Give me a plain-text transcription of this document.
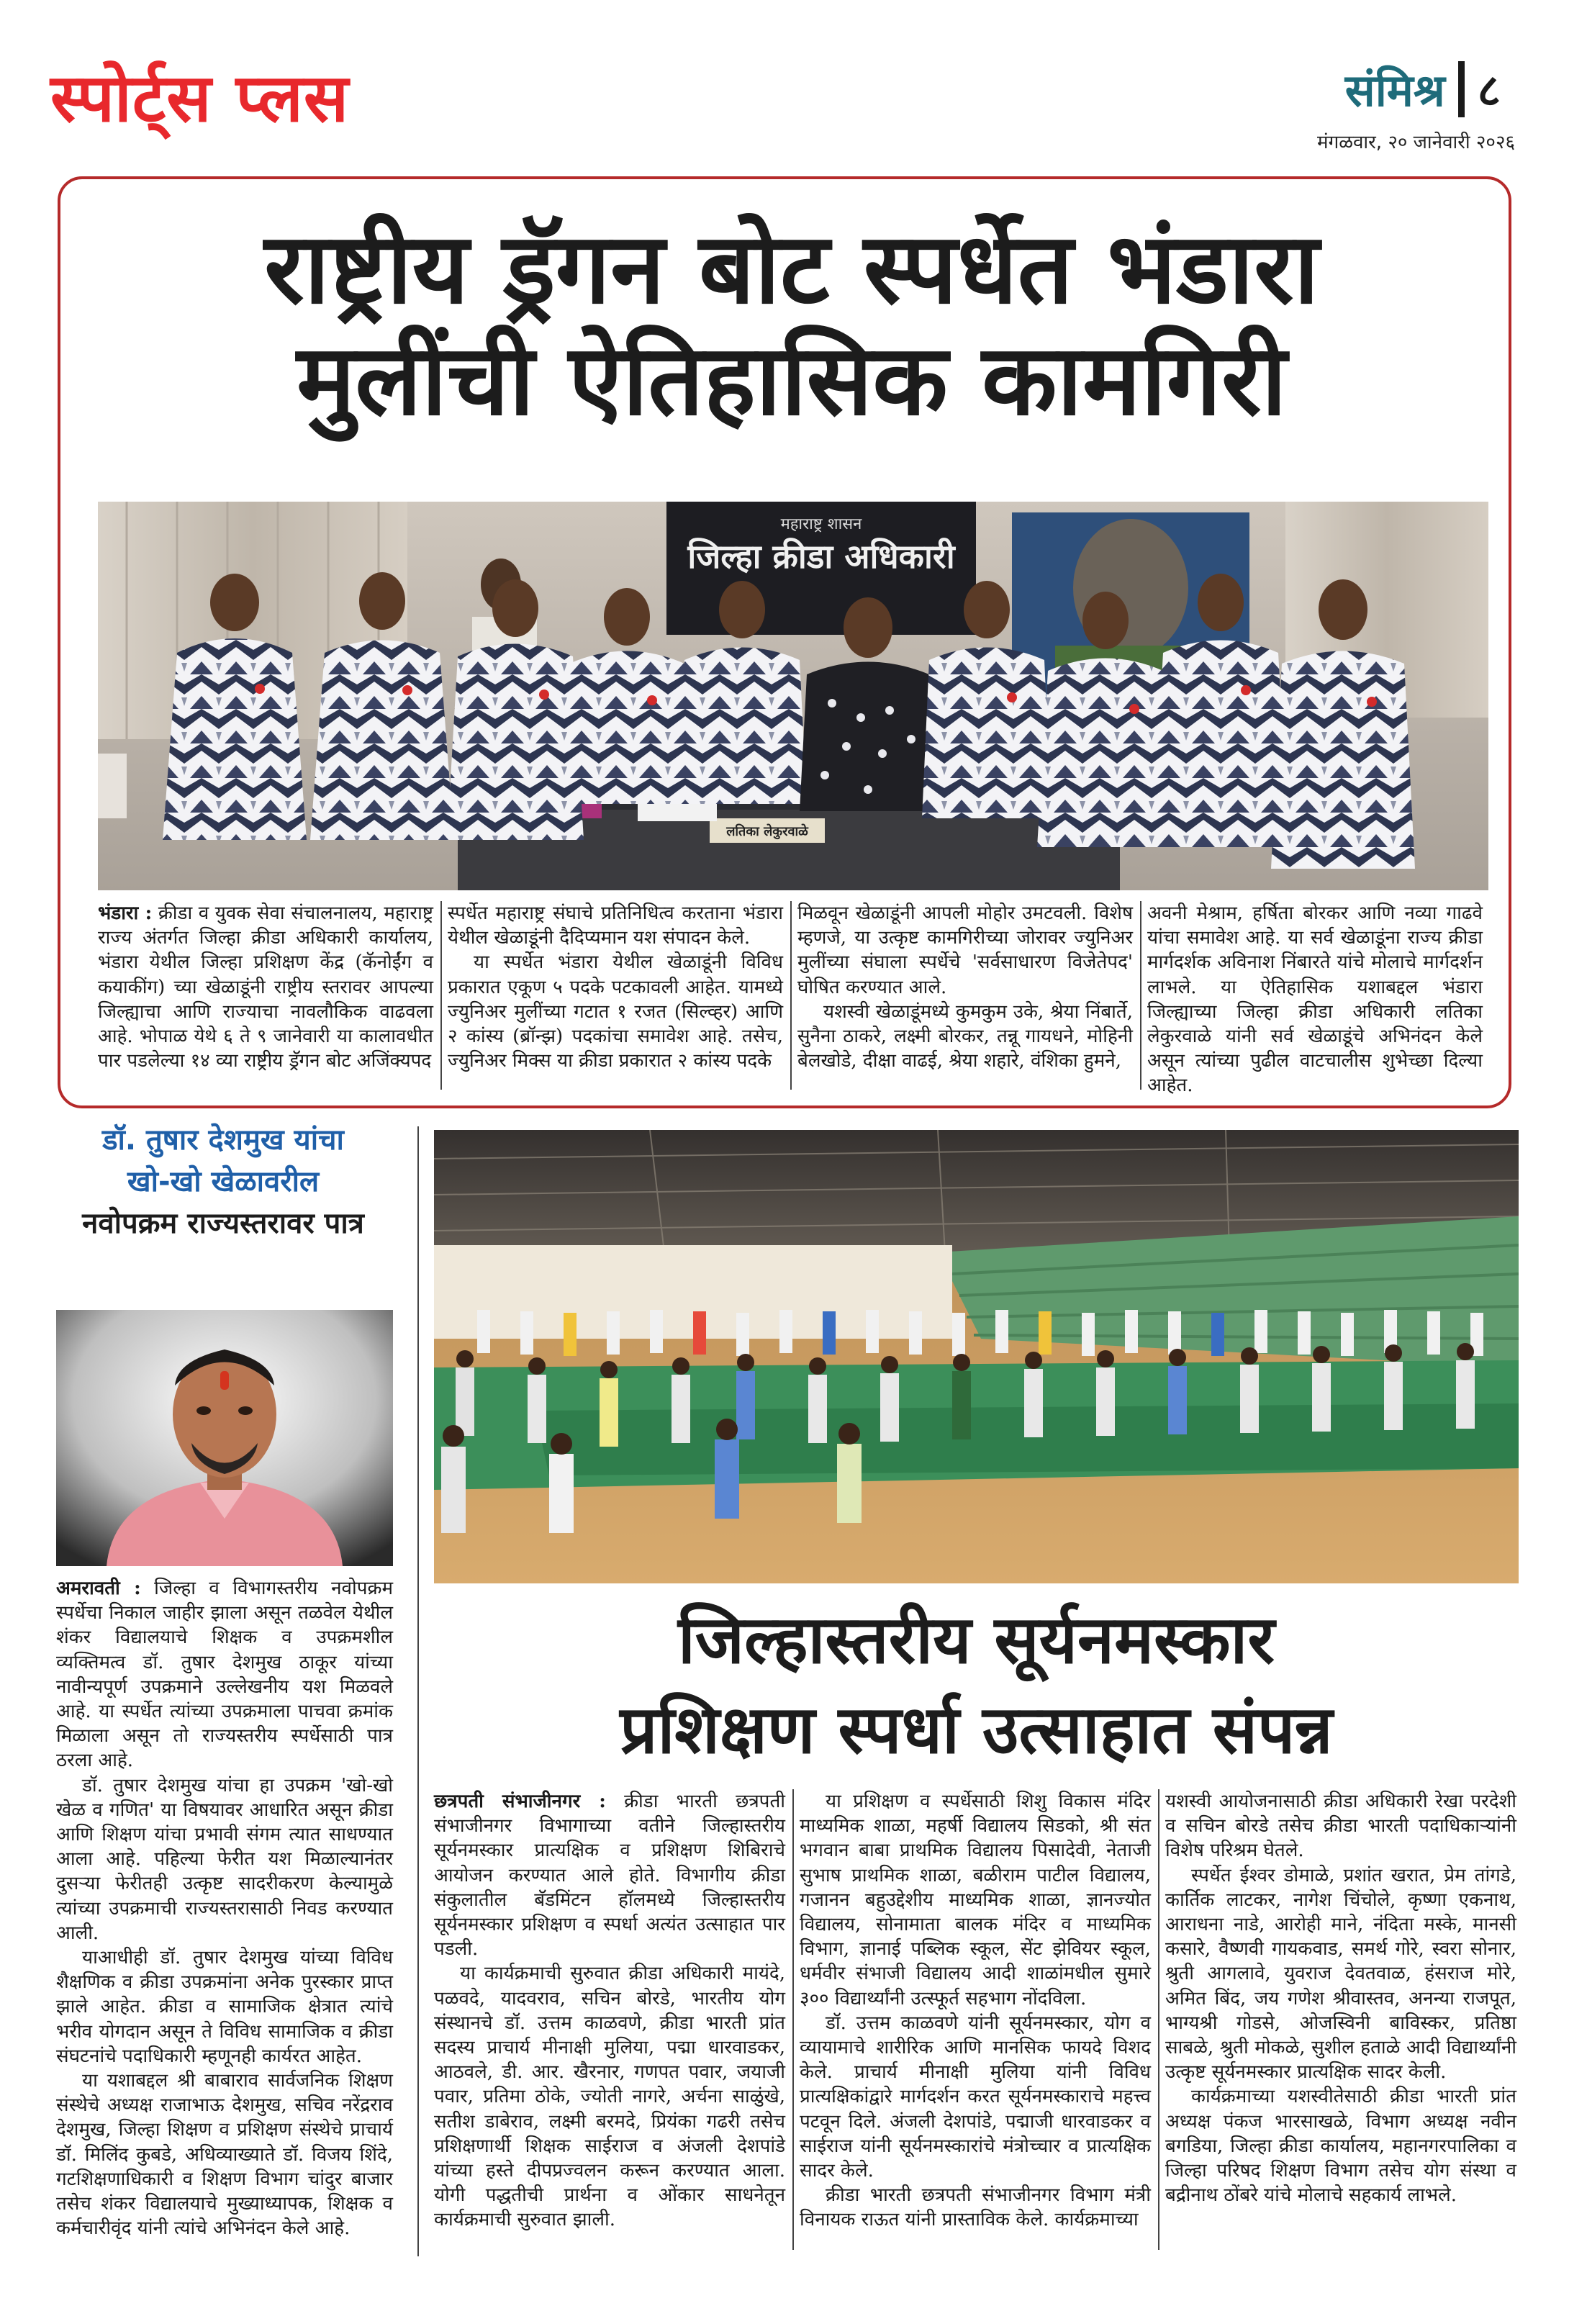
स्पोर्ट्स प्लस	संमिश्र ८
मंगळवार, २० जानेवारी २०२६
राष्ट्रीय ड्रॅगन बोट स्पर्धेत भंडारा
मुलींची ऐतिहासिक कामगिरी
महाराष्ट्र शासन
जिल्हा क्रीडा अधिकारी
लतिका लेकुरवाळे

भंडारा : क्रीडा व युवक सेवा संचालनालय, महाराष्ट्र राज्य अंतर्गत जिल्हा क्रीडा अधिकारी कार्यालय, भंडारा येथील जिल्हा प्रशिक्षण केंद्र (कॅनोईंग व कयाकींग) च्या खेळाडूंनी राष्ट्रीय स्तरावर आपल्या जिल्ह्याचा आणि राज्याचा नावलौकिक वाढवला आहे. भोपाळ येथे ६ ते ९ जानेवारी या कालावधीत पार पडलेल्या १४ व्या राष्ट्रीय ड्रॅगन बोट अजिंक्यपद

स्पर्धेत महाराष्ट्र संघाचे प्रतिनिधित्व करताना भंडारा येथील खेळाडूंनी दैदिप्यमान यश संपादन केले.

या स्पर्धेत भंडारा येथील खेळाडूंनी विविध प्रकारात एकूण ५ पदके पटकावली आहेत. यामध्ये ज्युनिअर मुलींच्या गटात १ रजत (सिल्व्हर) आणि २ कांस्य (ब्रॉन्झ) पदकांचा समावेश आहे. तसेच, ज्युनिअर मिक्स या क्रीडा प्रकारात २ कांस्य पदके

मिळवून खेळाडूंनी आपली मोहोर उमटवली. विशेष म्हणजे, या उत्कृष्ट कामगिरीच्या जोरावर ज्युनिअर मुलींच्या संघाला स्पर्धेचे 'सर्वसाधारण विजेतेपद' घोषित करण्यात आले.

यशस्वी खेळाडूंमध्ये कुमकुम उके, श्रेया निंबार्ते, सुनैना ठाकरे, लक्ष्मी बोरकर, तन्नू गायधने, मोहिनी बेलखोडे, दीक्षा वाढई, श्रेया शहारे, वंशिका हुमने,

अवनी मेश्राम, हर्षिता बोरकर आणि नव्या गाढवे यांचा समावेश आहे. या सर्व खेळाडूंना राज्य क्रीडा मार्गदर्शक अविनाश निंबारते यांचे मोलाचे मार्गदर्शन लाभले. या ऐतिहासिक यशाबद्दल भंडारा जिल्ह्याच्या जिल्हा क्रीडा अधिकारी लतिका लेकुरवाळे यांनी सर्व खेळाडूंचे अभिनंदन केले असून त्यांच्या पुढील वाटचालीस शुभेच्छा दिल्या आहेत.

डॉ. तुषार देशमुख यांचा
खो-खो खेळावरील
नवोपक्रम राज्यस्तरावर पात्र

अमरावती : जिल्हा व विभागस्तरीय नवोपक्रम स्पर्धेचा निकाल जाहीर झाला असून तळवेल येथील शंकर विद्यालयाचे शिक्षक व उपक्रमशील व्यक्तिमत्व डॉ. तुषार देशमुख ठाकूर यांच्या नावीन्यपूर्ण उपक्रमाने उल्लेखनीय यश मिळवले आहे. या स्पर्धेत त्यांच्या उपक्रमाला पाचवा क्रमांक मिळाला असून तो राज्यस्तरीय स्पर्धेसाठी पात्र ठरला आहे.

डॉ. तुषार देशमुख यांचा हा उपक्रम 'खो-खो खेळ व गणित' या विषयावर आधारित असून क्रीडा आणि शिक्षण यांचा प्रभावी संगम त्यात साधण्यात आला आहे. पहिल्या फेरीत यश मिळाल्यानंतर दुसऱ्या फेरीतही उत्कृष्ट सादरीकरण केल्यामुळे त्यांच्या उपक्रमाची राज्यस्तरासाठी निवड करण्यात आली.

याआधीही डॉ. तुषार देशमुख यांच्या विविध शैक्षणिक व क्रीडा उपक्रमांना अनेक पुरस्कार प्राप्त झाले आहेत. क्रीडा व सामाजिक क्षेत्रात त्यांचे भरीव योगदान असून ते विविध सामाजिक व क्रीडा संघटनांचे पदाधिकारी म्हणूनही कार्यरत आहेत.

या यशाबद्दल श्री बाबाराव सार्वजनिक शिक्षण संस्थेचे अध्यक्ष राजाभाऊ देशमुख, सचिव नरेंद्रराव देशमुख, जिल्हा शिक्षण व प्रशिक्षण संस्थेचे प्राचार्य डॉ. मिलिंद कुबडे, अधिव्याख्याते डॉ. विजय शिंदे, गटशिक्षणाधिकारी व शिक्षण विभाग चांदुर बाजार तसेच शंकर विद्यालयाचे मुख्याध्यापक, शिक्षक व कर्मचारीवृंद यांनी त्यांचे अभिनंदन केले आहे.

जिल्हास्तरीय सूर्यनमस्कार
प्रशिक्षण स्पर्धा उत्साहात संपन्न

छत्रपती संभाजीनगर : क्रीडा भारती छत्रपती संभाजीनगर विभागाच्या वतीने जिल्हास्तरीय सूर्यनमस्कार प्रात्यक्षिक व प्रशिक्षण शिबिराचे आयोजन करण्यात आले होते. विभागीय क्रीडा संकुलातील बॅडमिंटन हॉलमध्ये जिल्हास्तरीय सूर्यनमस्कार प्रशिक्षण व स्पर्धा अत्यंत उत्साहात पार पडली.

या कार्यक्रमाची सुरुवात क्रीडा अधिकारी मायंदे, पळवदे, यादवराव, सचिन बोरडे, भारतीय योग संस्थानचे डॉ. उत्तम काळवणे, क्रीडा भारती प्रांत सदस्य प्राचार्य मीनाक्षी मुलिया, पद्मा धारवाडकर, आठवले, डी. आर. खैरनार, गणपत पवार, जयाजी पवार, प्रतिमा ठोके, ज्योती नागरे, अर्चना साळुंखे, सतीश डाबेराव, लक्ष्मी बरमदे, प्रियंका गढरी तसेच प्रशिक्षणार्थी शिक्षक साईराज व अंजली देशपांडे यांच्या हस्ते दीपप्रज्वलन करून करण्यात आला. योगी पद्धतीची प्रार्थना व ओंकार साधनेतून कार्यक्रमाची सुरुवात झाली.

या प्रशिक्षण व स्पर्धेसाठी शिशु विकास मंदिर माध्यमिक शाळा, महर्षी विद्यालय सिडको, श्री संत भगवान बाबा प्राथमिक विद्यालय पिसादेवी, नेताजी सुभाष प्राथमिक शाळा, बळीराम पाटील विद्यालय, गजानन बहुउद्देशीय माध्यमिक शाळा, ज्ञानज्योत विद्यालय, सोनामाता बालक मंदिर व माध्यमिक विभाग, ज्ञानाई पब्लिक स्कूल, सेंट झेवियर स्कूल, धर्मवीर संभाजी विद्यालय आदी शाळांमधील सुमारे ३०० विद्यार्थ्यांनी उत्स्फूर्त सहभाग नोंदविला.

डॉ. उत्तम काळवणे यांनी सूर्यनमस्कार, योग व व्यायामाचे शारीरिक आणि मानसिक फायदे विशद केले. प्राचार्य मीनाक्षी मुलिया यांनी विविध प्रात्यक्षिकांद्वारे मार्गदर्शन करत सूर्यनमस्काराचे महत्त्व पटवून दिले. अंजली देशपांडे, पद्माजी धारवाडकर व साईराज यांनी सूर्यनमस्कारांचे मंत्रोच्चार व प्रात्यक्षिक सादर केले.

क्रीडा भारती छत्रपती संभाजीनगर विभाग मंत्री विनायक राऊत यांनी प्रास्ताविक केले. कार्यक्रमाच्या

यशस्वी आयोजनासाठी क्रीडा अधिकारी रेखा परदेशी व सचिन बोरडे तसेच क्रीडा भारती पदाधिकाऱ्यांनी विशेष परिश्रम घेतले.

स्पर्धेत ईश्वर डोमाळे, प्रशांत खरात, प्रेम तांगडे, कार्तिक लाटकर, नागेश चिंचोले, कृष्णा एकनाथ, आराधना नाडे, आरोही माने, नंदिता मस्के, मानसी कसारे, वैष्णवी गायकवाड, समर्थ गोरे, स्वरा सोनार, श्रुती आगलावे, युवराज देवतवाळ, हंसराज मोरे, अमित बिंद, जय गणेश श्रीवास्तव, अनन्या राजपूत, भाग्यश्री गोडसे, ओजस्विनी बाविस्कर, प्रतिष्ठा साबळे, श्रुती मोकळे, सुशील हताळे आदी विद्यार्थ्यांनी उत्कृष्ट सूर्यनमस्कार प्रात्यक्षिक सादर केली.

कार्यक्रमाच्या यशस्वीतेसाठी क्रीडा भारती प्रांत अध्यक्ष पंकज भारसाखळे, विभाग अध्यक्ष नवीन बगडिया, जिल्हा क्रीडा कार्यालय, महानगरपालिका व जिल्हा परिषद शिक्षण विभाग तसेच योग संस्था व बद्रीनाथ ठोंबरे यांचे मोलाचे सहकार्य लाभले.
